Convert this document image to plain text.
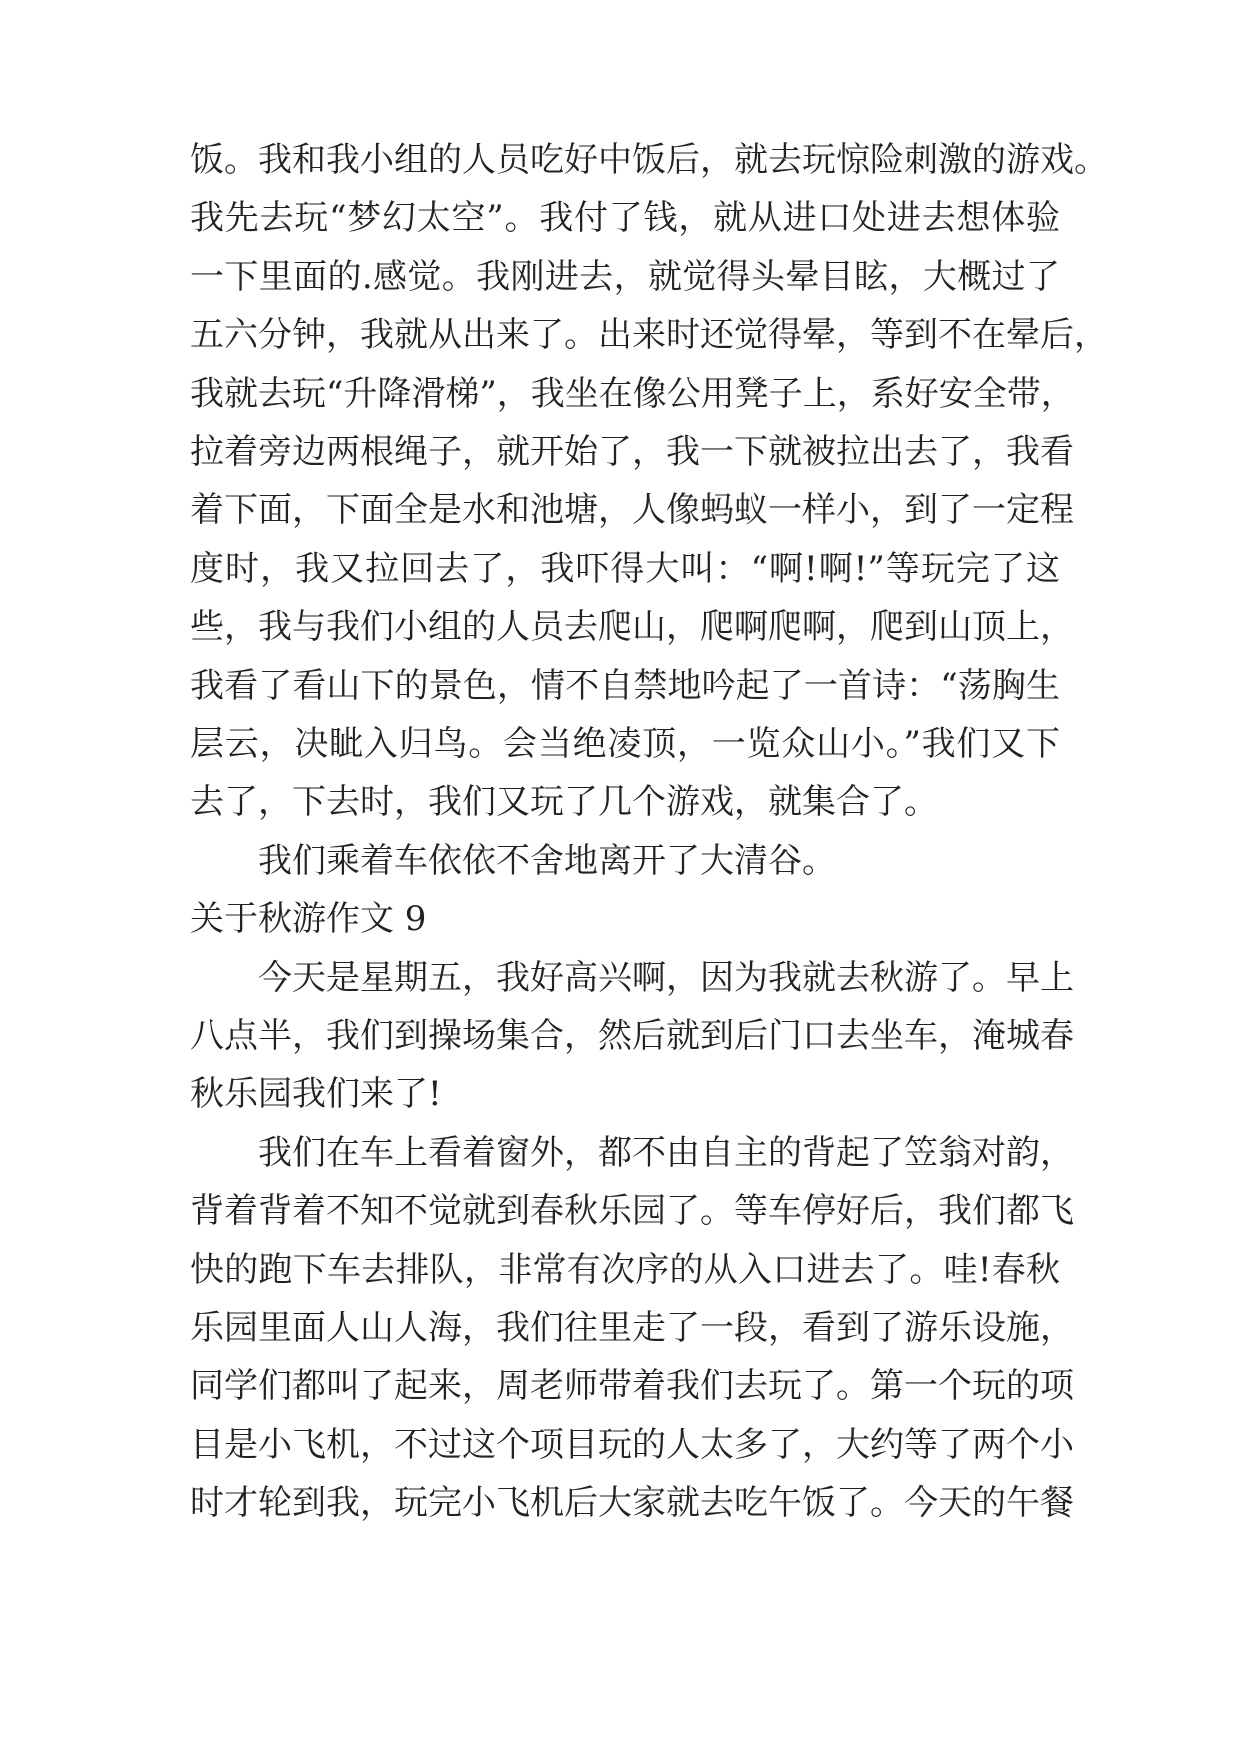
饭。我和我小组的人员吃好中饭后，就去玩惊险刺激的游戏。
我先去玩“梦幻太空”。我付了钱，就从进口处进去想体验
一下里面的.感觉。我刚进去，就觉得头晕目眩，大概过了
五六分钟，我就从出来了。出来时还觉得晕，等到不在晕后，
我就去玩“升降滑梯”，我坐在像公用凳子上，系好安全带，
拉着旁边两根绳子，就开始了，我一下就被拉出去了，我看
着下面，下面全是水和池塘，人像蚂蚁一样小，到了一定程
度时，我又拉回去了，我吓得大叫：“啊!啊!”等玩完了这
些，我与我们小组的人员去爬山，爬啊爬啊，爬到山顶上，
我看了看山下的景色，情不自禁地吟起了一首诗：“荡胸生
层云，决眦入归鸟。会当绝凌顶，一览众山小。”我们又下
去了，下去时，我们又玩了几个游戏，就集合了。
我们乘着车依依不舍地离开了大清谷。
关于秋游作文 9
今天是星期五，我好高兴啊，因为我就去秋游了。早上
八点半，我们到操场集合，然后就到后门口去坐车，淹城春
秋乐园我们来了!
我们在车上看着窗外，都不由自主的背起了笠翁对韵，
背着背着不知不觉就到春秋乐园了。等车停好后，我们都飞
快的跑下车去排队，非常有次序的从入口进去了。哇!春秋
乐园里面人山人海，我们往里走了一段，看到了游乐设施，
同学们都叫了起来，周老师带着我们去玩了。第一个玩的项
目是小飞机，不过这个项目玩的人太多了，大约等了两个小
时才轮到我，玩完小飞机后大家就去吃午饭了。今天的午餐
